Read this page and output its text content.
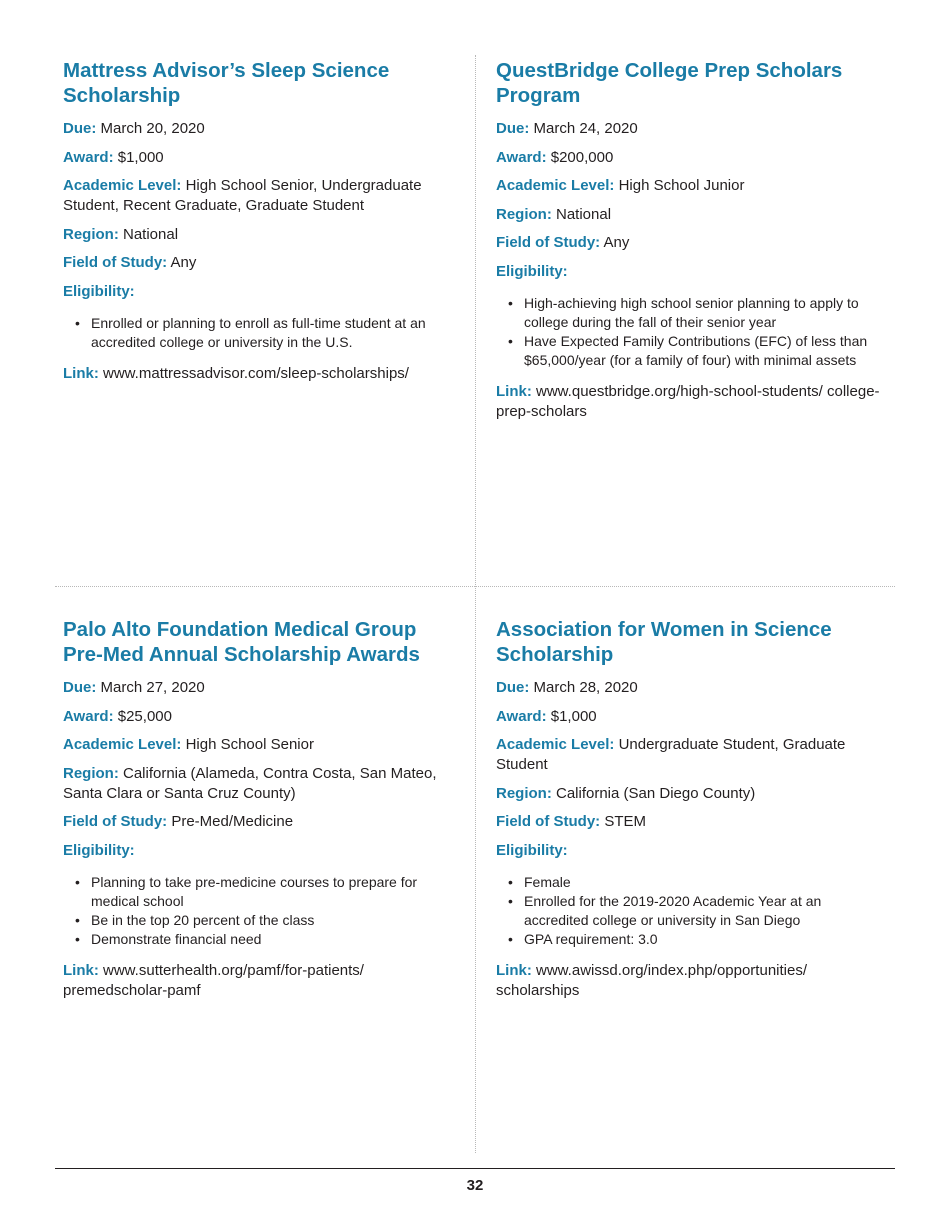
Mattress Advisor’s Sleep Science Scholarship

Due: March 20, 2020

Award: $1,000

Academic Level: High School Senior, Undergraduate Student, Recent Graduate, Graduate Student

Region: National

Field of Study: Any

Eligibility:

• Enrolled or planning to enroll as full-time student at an accredited college or university in the U.S.

Link: www.mattressadvisor.com/sleep-scholarships/

QuestBridge College Prep Scholars Program

Due: March 24, 2020

Award: $200,000

Academic Level: High School Junior

Region: National

Field of Study: Any

Eligibility:

• High-achieving high school senior planning to apply to college during the fall of their senior year
• Have Expected Family Contributions (EFC) of less than $65,000/year (for a family of four) with minimal assets

Link: www.questbridge.org/high-school-students/ college-prep-scholars

Palo Alto Foundation Medical Group Pre-Med Annual Scholarship Awards

Due: March 27, 2020

Award: $25,000

Academic Level: High School Senior

Region: California (Alameda, Contra Costa, San Mateo, Santa Clara or Santa Cruz County)

Field of Study: Pre-Med/Medicine

Eligibility:

• Planning to take pre-medicine courses to prepare for medical school
• Be in the top 20 percent of the class
• Demonstrate financial need

Link: www.sutterhealth.org/pamf/for-patients/ premedscholar-pamf

Association for Women in Science Scholarship

Due: March 28, 2020

Award: $1,000

Academic Level: Undergraduate Student, Graduate Student

Region: California (San Diego County)

Field of Study: STEM

Eligibility:

• Female
• Enrolled for the 2019-2020 Academic Year at an accredited college or university in San Diego
• GPA requirement: 3.0

Link: www.awissd.org/index.php/opportunities/ scholarships

32
